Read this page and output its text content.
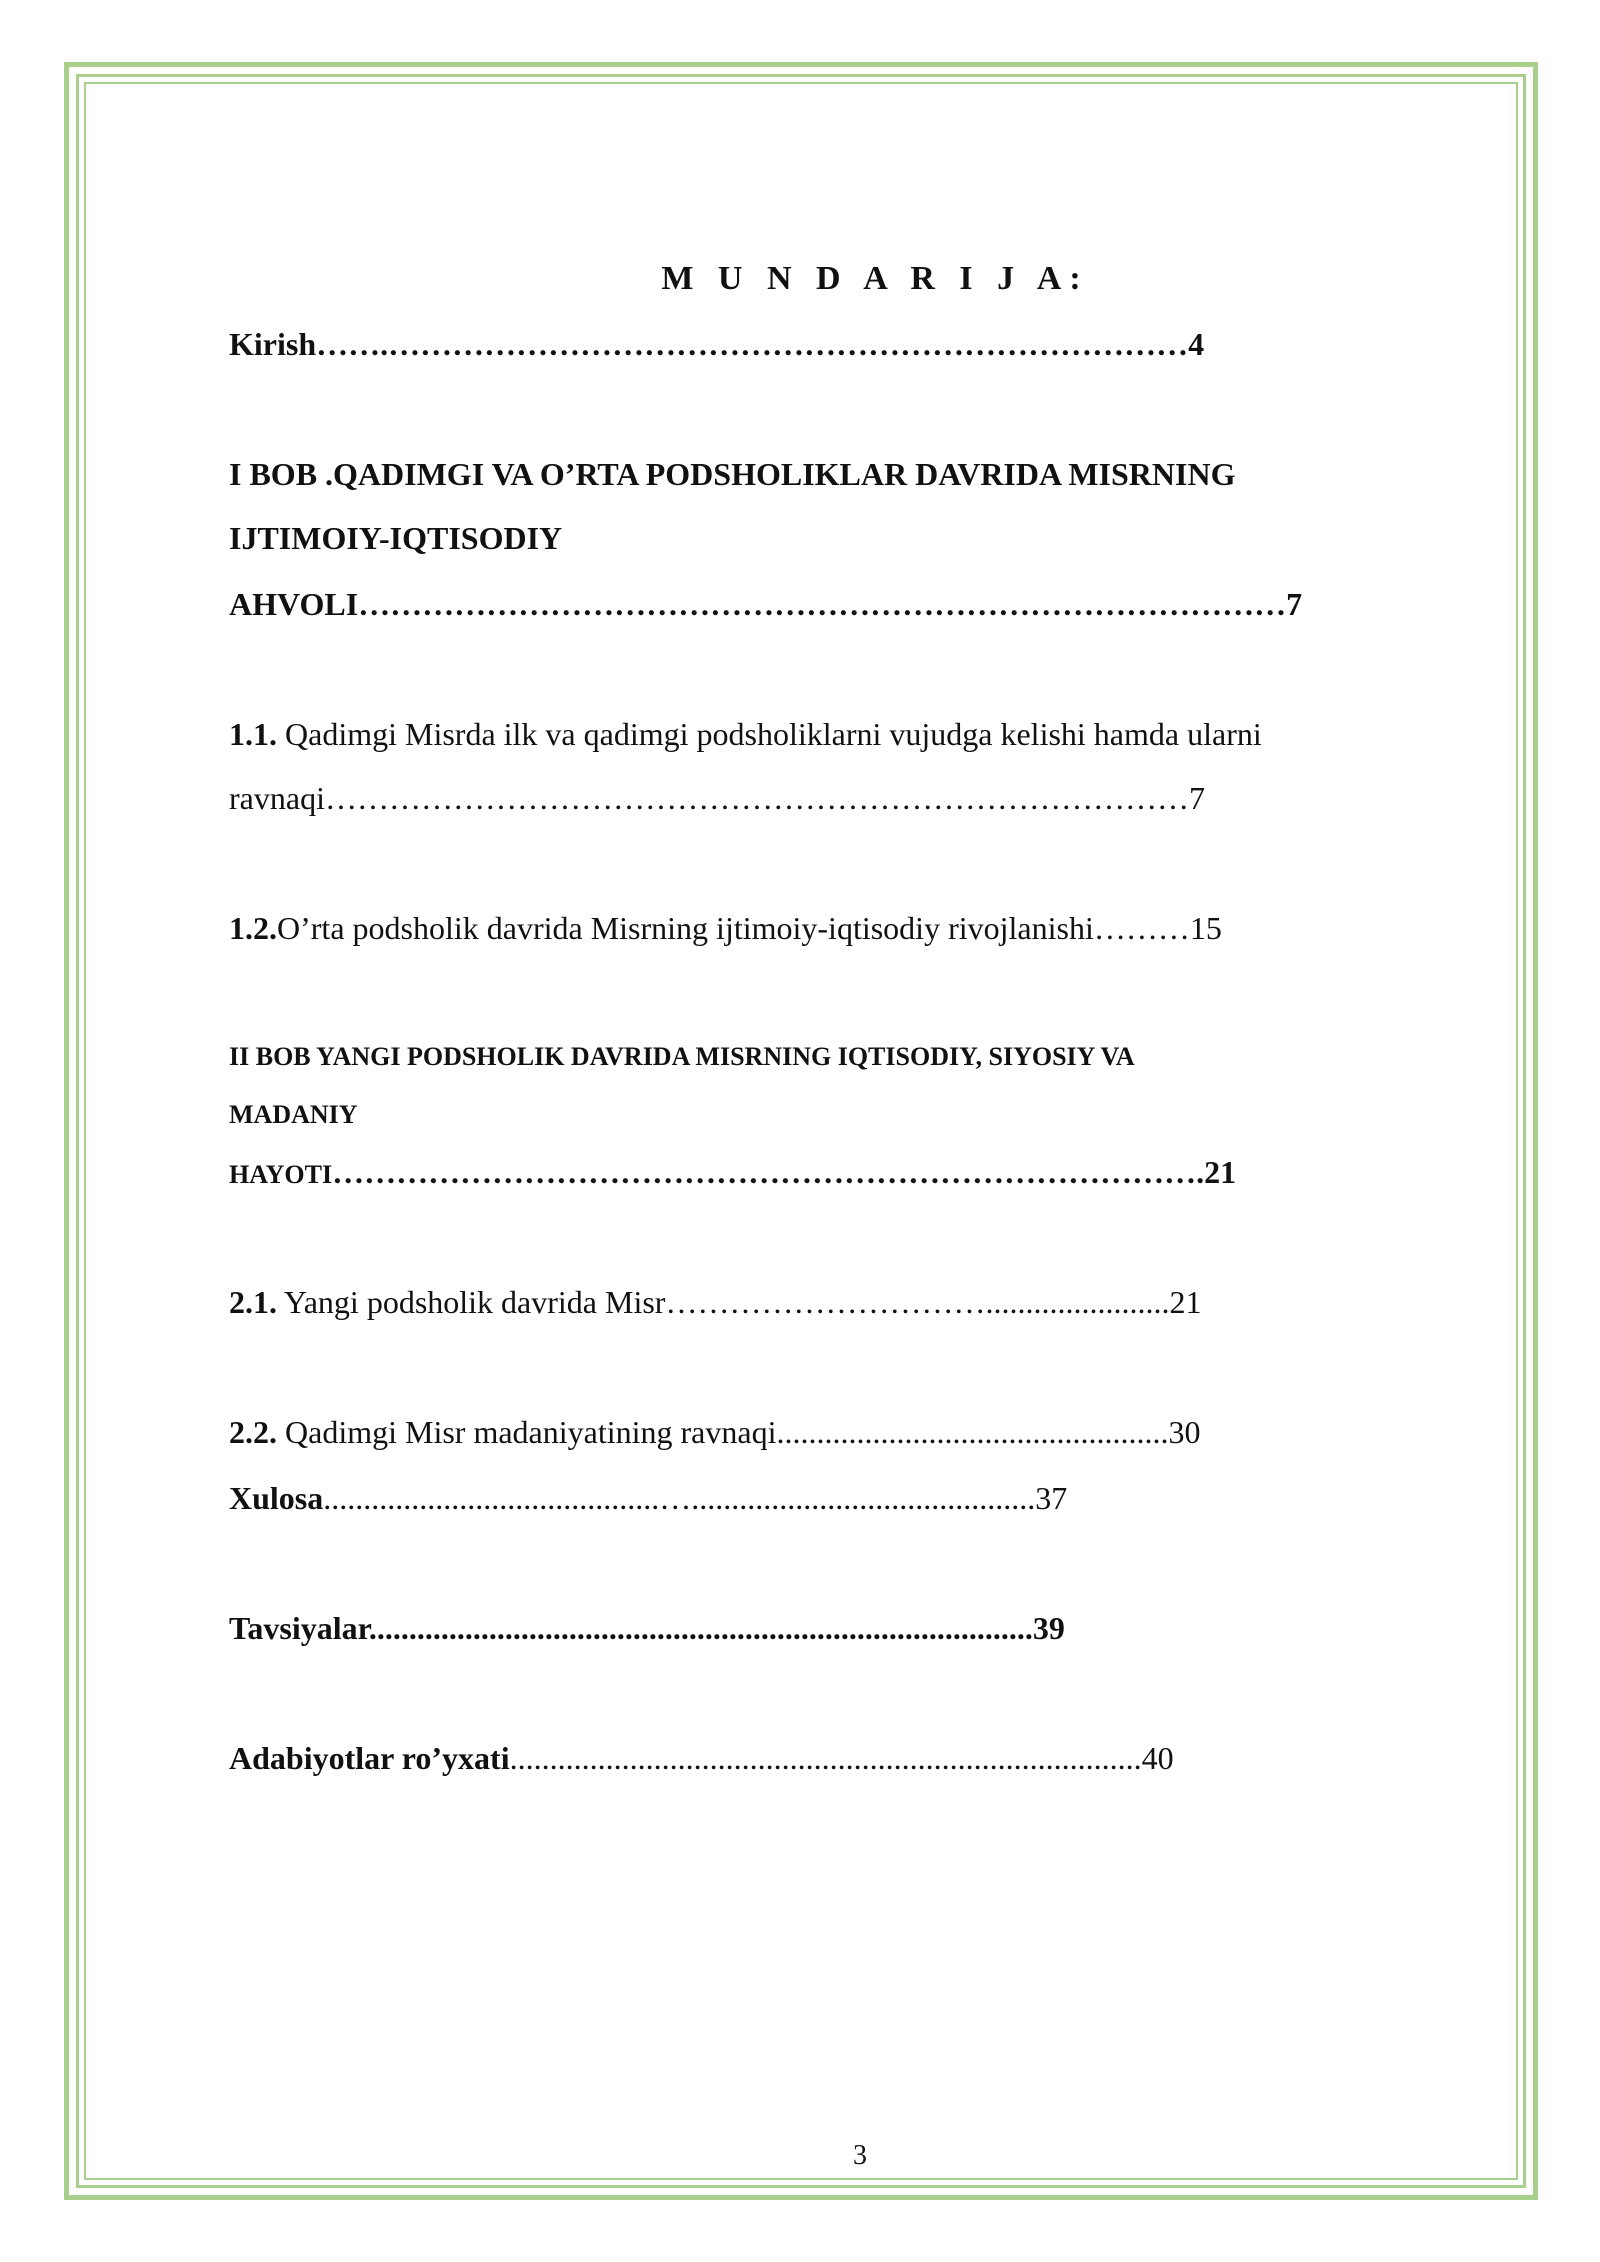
M U N D A R I J A:
Kirish…….…………………………………………………………………4
I BOB .QADIMGI VA O’RTA PODSHOLIKLAR DAVRIDA MISRNING
IJTIMOIY-IQTISODIY
AHVOLI……………………………………………………………………………7
1.1. Qadimgi Misrda ilk va qadimgi podsholiklarni vujudga kelishi hamda ularni
ravnaqi………………………………………………………………………7
1.2.O’rta podsholik davrida Misrning ijtimoiy-iqtisodiy rivojlanishi………15
II BOB YANGI PODSHOLIK DAVRIDA MISRNING IQTISODIY, SIYOSIY VA
MADANIY
HAYOTI……………………………………………………………………….21
2.1. Yangi podsholik davrida Misr………………………….......................21
2.2. Qadimgi Misr madaniyatining ravnaqi.................................................30
Xulosa..........................................…...........................................37
Tavsiyalar...................................................................................39
Adabiyotlar ro’yxati...............................................................................40
3
